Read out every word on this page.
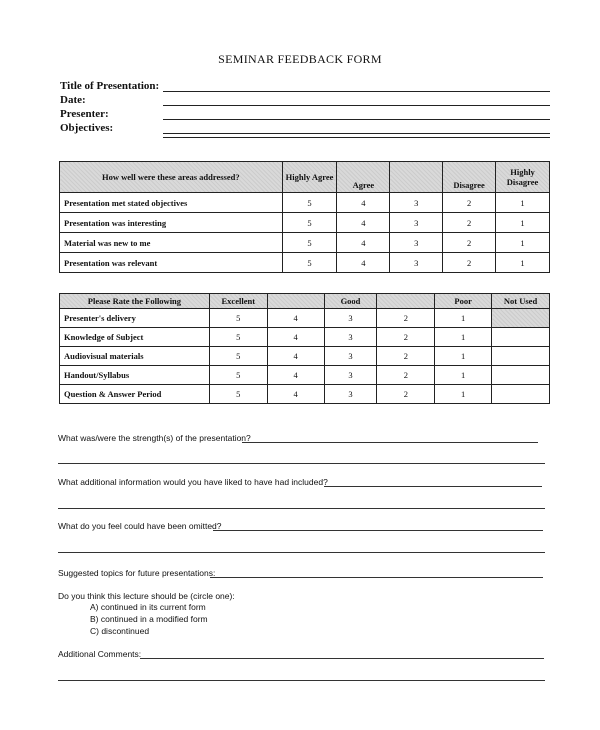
SEMINAR FEEDBACK FORM
Title of Presentation:
Date:
Presenter:
Objectives:
How well were these areas addressed?	Highly Agree	Agree		Disagree	Highly Disagree
Presentation met stated objectives	5	4	3	2	1
Presentation was interesting	5	4	3	2	1
Material was new to me	5	4	3	2	1
Presentation was relevant	5	4	3	2	1
Please Rate the Following	Excellent		Good		Poor	Not Used
Presenter's delivery	5	4	3	2	1	
Knowledge of Subject	5	4	3	2	1	
Audiovisual materials	5	4	3	2	1	
Handout/Syllabus	5	4	3	2	1	
Question & Answer Period	5	4	3	2	1	
What was/were the strength(s) of the presentation?
What additional information would you have liked to have had included?
What do you feel could have been omitted?
Suggested topics for future presentations:
Do you think this lecture should be (circle one):
A) continued in its current form
B) continued in a modified form
C) discontinued
Additional Comments:
